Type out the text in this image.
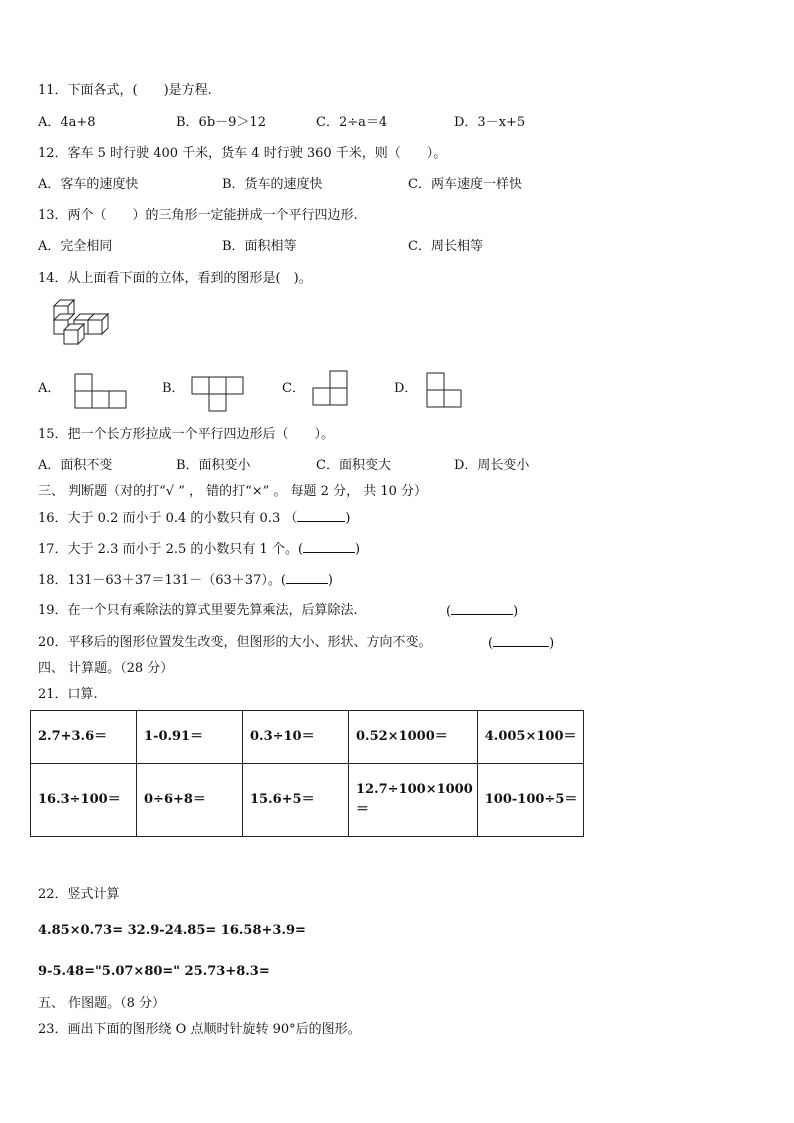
11．下面各式，(　　)是方程.
A．4a+8	B．6b－9＞12	C．2÷a＝4	D．3－x+5
12．客车 5 时行驶 400 千米，货车 4 时行驶 360 千米，则（　　）。
A．客车的速度快	B．货车的速度快	C．两车速度一样快
13．两个（　　）的三角形一定能拼成一个平行四边形.
A．完全相同	B．面积相等	C．周长相等
14．从上面看下面的立体，看到的图形是(　)。
A．	B．	C．	D．
15．把一个长方形拉成一个平行四边形后（　　）。
A．面积不变	B．面积变小	C．面积变大	D．周长变小
三、 判断题（对的打“√ ” ， 错的打“×” 。 每题 2 分， 共 10 分）
16．大于 0.2 而小于 0.4 的小数只有 0.3 （	)
17．大于 2.3 而小于 2.5 的小数只有 1 个。(	)
18．131－63＋37＝131－（63＋37）。(	)
19．在一个只有乘除法的算式里要先算乘法，后算除法.	(	)
20．平移后的图形位置发生改变，但图形的大小、形状、方向不变。	(	)
四、 计算题。（28 分）
21．口算.
2.7+3.6＝	1-0.91＝	0.3÷10＝	0.52×1000＝	4.005×100＝
16.3÷100＝	0÷6+8＝	15.6+5＝	12.7÷100×1000＝	100-100÷5＝
22．竖式计算
4.85×0.73= 32.9-24.85= 16.58+3.9=
9-5.48="5.07×80=" 25.73+8.3=
五、 作图题。（8 分）
23．画出下面的图形绕 O 点顺时针旋转 90°后的图形。
